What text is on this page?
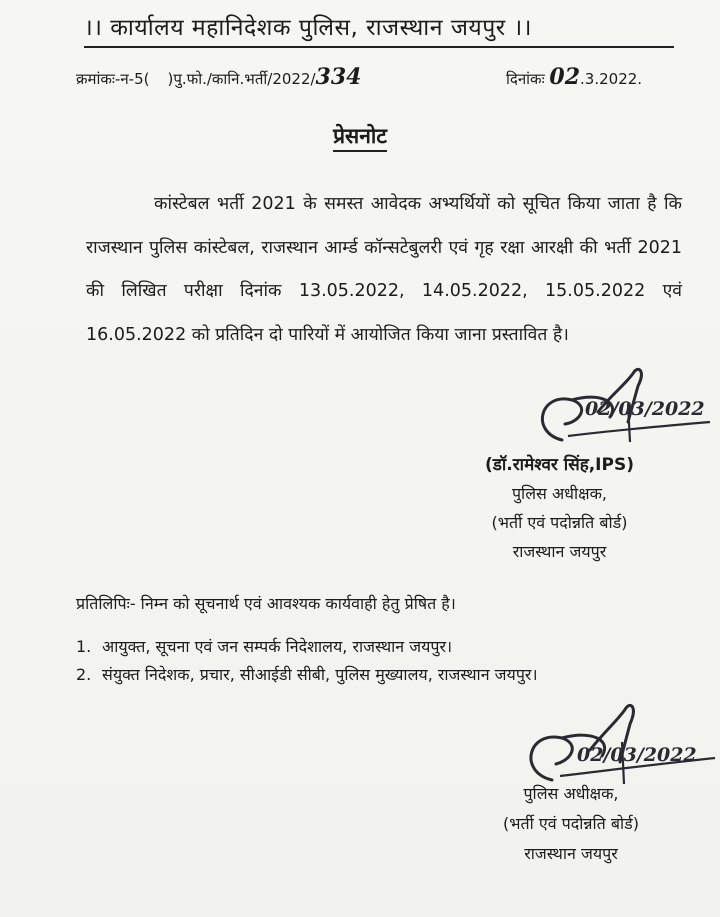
।। कार्यालय महानिदेशक पुलिस, राजस्थान जयपुर ।।
क्रमांकः-न-5( )पु.फो./कानि.भर्ती/2022/334	दिनांकः 02.3.2022.
प्रेसनोट

कांस्टेबल भर्ती 2021 के समस्त आवेदक अभ्यर्थियों को सूचित किया जाता है कि राजस्थान पुलिस कांस्टेबल, राजस्थान आर्म्ड कॉन्सटेबुलरी एवं गृह रक्षा आरक्षी की भर्ती 2021 की लिखित परीक्षा दिनांक 13.05.2022, 14.05.2022, 15.05.2022 एवं 16.05.2022 को प्रतिदिन दो पारियों में आयोजित किया जाना प्रस्तावित है।

02/03/2022
(डॉ.रामेश्वर सिंह,IPS)
पुलिस अधीक्षक,
(भर्ती एवं पदोन्नति बोर्ड)
राजस्थान जयपुर
प्रतिलिपिः- निम्न को सूचनार्थ एवं आवश्यक कार्यवाही हेतु प्रेषित है।
1. आयुक्त, सूचना एवं जन सम्पर्क निदेशालय, राजस्थान जयपुर।
2. संयुक्त निदेशक, प्रचार, सीआईडी सीबी, पुलिस मुख्यालय, राजस्थान जयपुर।
02/03/2022
पुलिस अधीक्षक,
(भर्ती एवं पदोन्नति बोर्ड)
राजस्थान जयपुर
